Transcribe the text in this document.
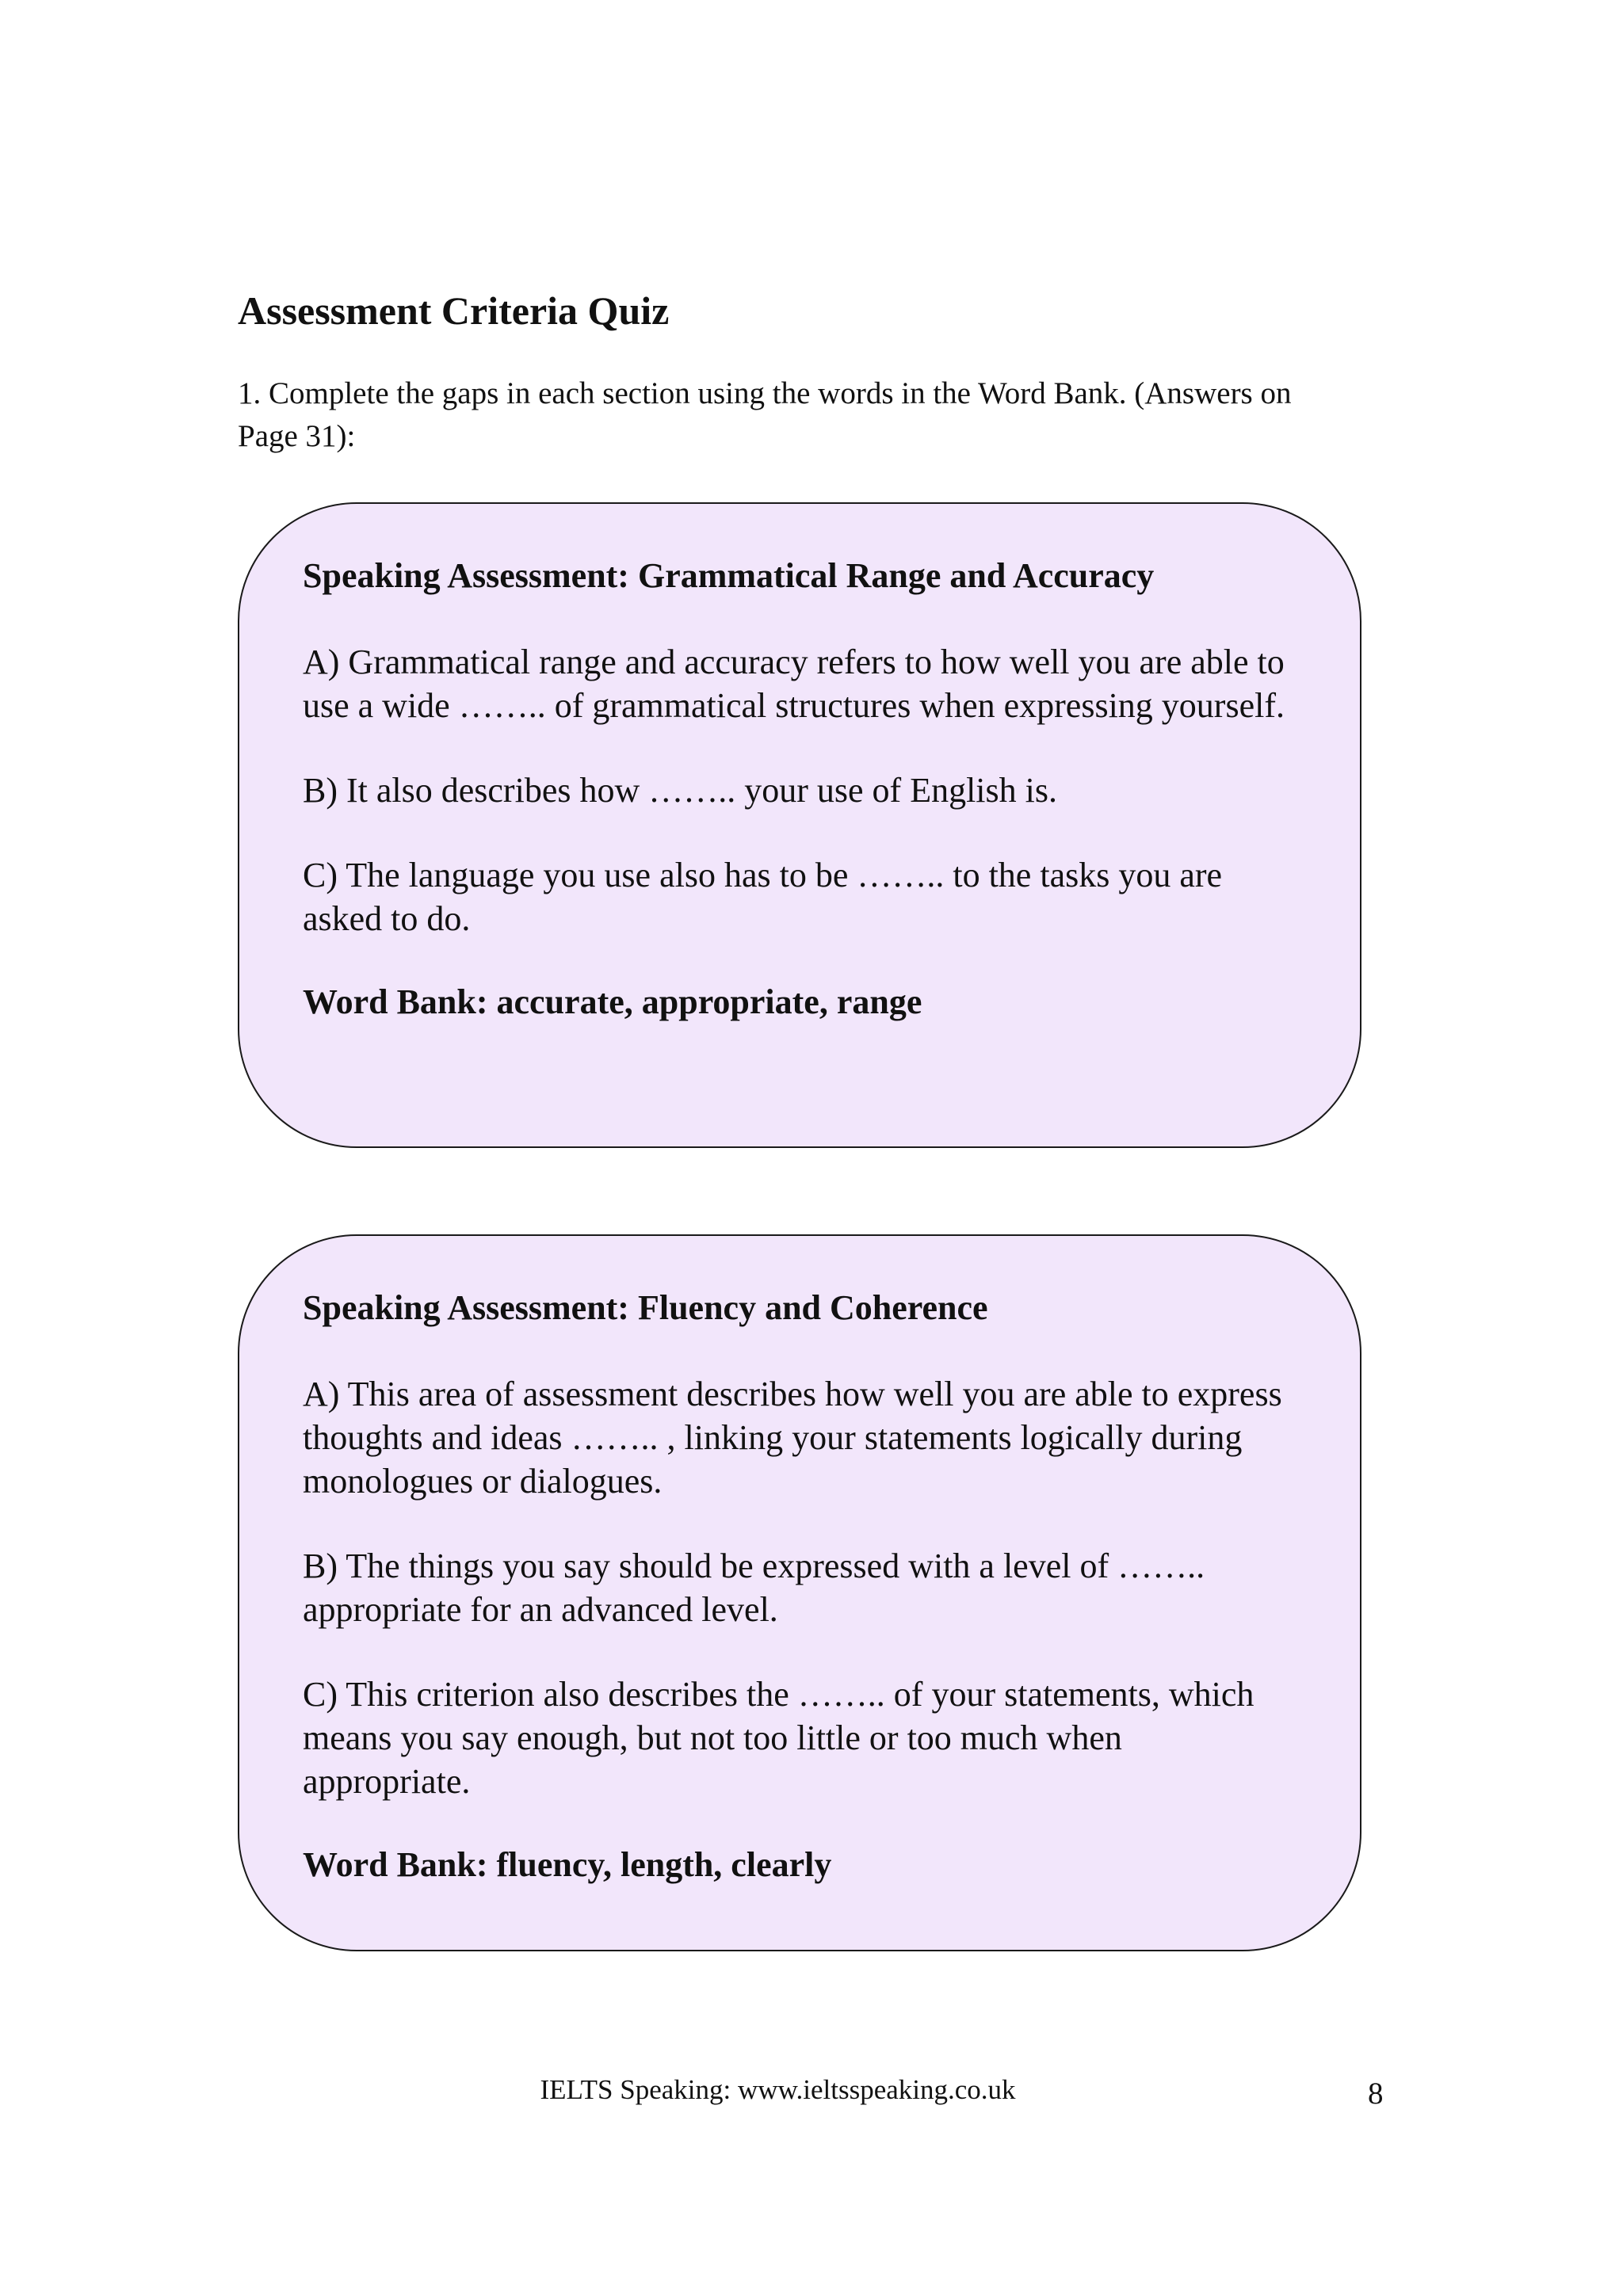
Assessment Criteria Quiz

1. Complete the gaps in each section using the words in the Word Bank. (Answers on Page 31):

Speaking Assessment: Grammatical Range and Accuracy

A) Grammatical range and accuracy refers to how well you are able to use a wide …….. of grammatical structures when expressing yourself.

B) It also describes how …….. your use of English is.

C) The language you use also has to be …….. to the tasks you are asked to do.

Word Bank: accurate, appropriate, range
Speaking Assessment: Fluency and Coherence

A) This area of assessment describes how well you are able to express thoughts and ideas …….. , linking your statements logically during monologues or dialogues.

B) The things you say should be expressed with a level of …….. appropriate for an advanced level.

C) This criterion also describes the …….. of your statements, which means you say enough, but not too little or too much when appropriate.

Word Bank: fluency, length, clearly
IELTS Speaking: www.ieltsspeaking.co.uk	8
